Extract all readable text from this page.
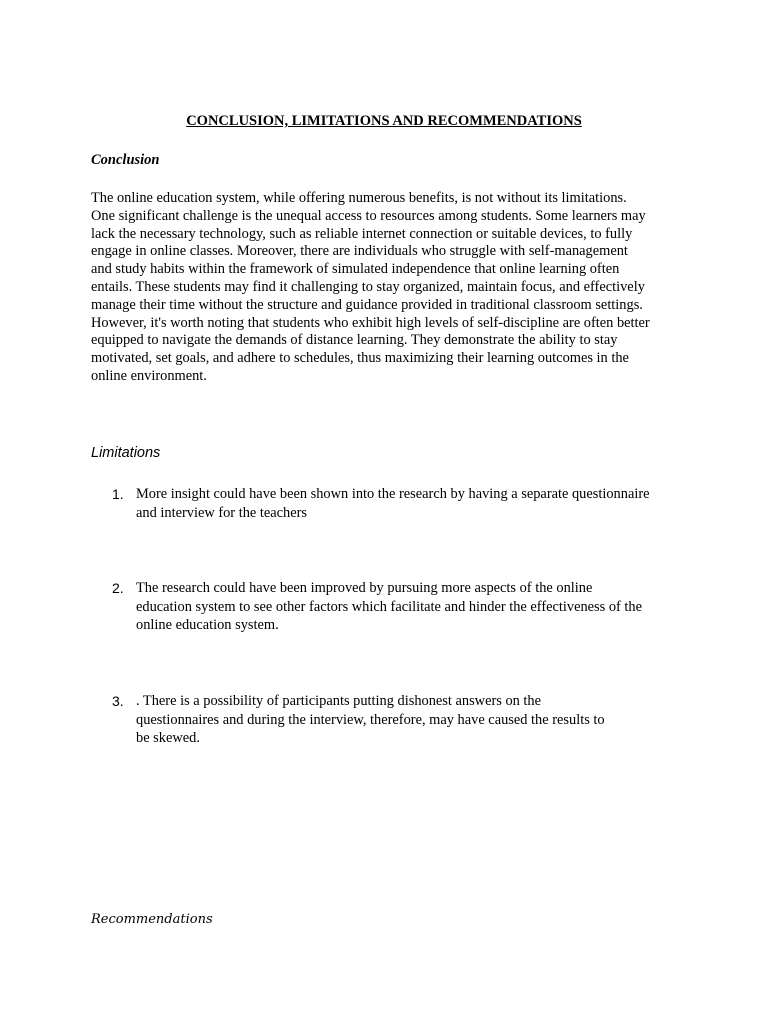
CONCLUSION, LIMITATIONS AND RECOMMENDATIONS
Conclusion
The online education system, while offering numerous benefits, is not without its limitations.
One significant challenge is the unequal access to resources among students. Some learners may
lack the necessary technology, such as reliable internet connection or suitable devices, to fully
engage in online classes. Moreover, there are individuals who struggle with self-management
and study habits within the framework of simulated independence that online learning often
entails. These students may find it challenging to stay organized, maintain focus, and effectively
manage their time without the structure and guidance provided in traditional classroom settings.
However, it's worth noting that students who exhibit high levels of self-discipline are often better
equipped to navigate the demands of distance learning. They demonstrate the ability to stay
motivated, set goals, and adhere to schedules, thus maximizing their learning outcomes in the
online environment.
Limitations
1. More insight could have been shown into the research by having a separate questionnaire
and interview for the teachers
2. The research could have been improved by pursuing more aspects of the online
education system to see other factors which facilitate and hinder the effectiveness of the
online education system.
3. . There is a possibility of participants putting dishonest answers on the
questionnaires and during the interview, therefore, may have caused the results to
be skewed.
Recommendations
